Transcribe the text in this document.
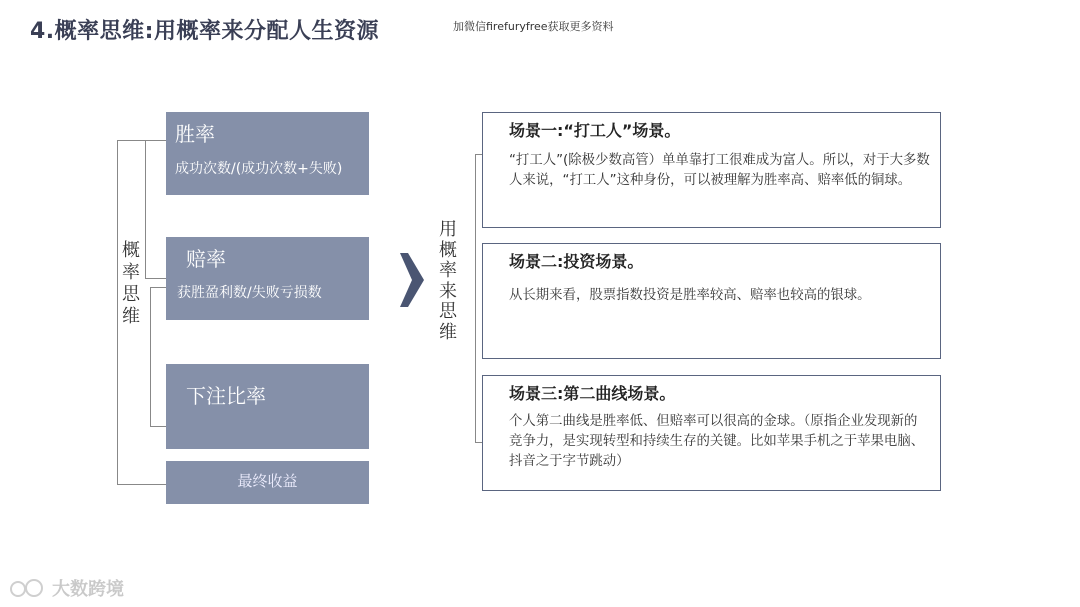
4.概率思维:用概率来分配人生资源	加微信firefuryfree获取更多资料
概
率
思
维
胜率
成功次数/(成功次数+失败)
赔率
获胜盈利数/失败亏损数
下注比率
最终收益
用
概
率
来
思
维
场景一:“打工人”场景。
“打工人”(除极少数高管）单单靠打工很难成为富人。所以，对于大多数人来说，“打工人”这种身份，可以被理解为胜率高、赔率低的铜球。
场景二:投资场景。
从长期来看，股票指数投资是胜率较高、赔率也较高的银球。
场景三:第二曲线场景。
个人第二曲线是胜率低、但赔率可以很高的金球。（原指企业发现新的竞争力，是实现转型和持续生存的关键。比如苹果手机之于苹果电脑、抖音之于字节跳动）
大数跨境
